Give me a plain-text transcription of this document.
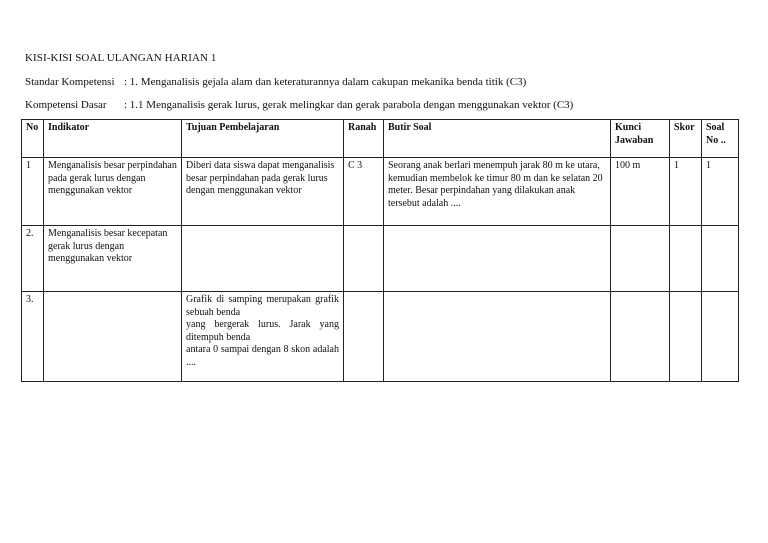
KISI-KISI SOAL ULANGAN HARIAN 1
Standar Kompetensi : 1. Menganalisis gejala alam dan keteraturannya dalam cakupan mekanika benda titik (C3)
Kompetensi Dasar : 1.1 Menganalisis gerak lurus, gerak melingkar dan gerak parabola dengan menggunakan vektor (C3)
No	Indikator	Tujuan Pembelajaran	Ranah	Butir Soal	Kunci Jawaban	Skor	Soal No ..
1	Menganalisis besar perpindahan pada gerak lurus dengan menggunakan vektor	Diberi data siswa dapat menganalisis besar perpindahan pada gerak lurus dengan menggunakan vektor	C 3	Seorang anak berlari menempuh jarak 80 m ke utara, kemudian membelok ke timur 80 m dan ke selatan 20 meter. Besar perpindahan yang dilakukan anak tersebut adalah ....	100 m	1	1
2.	Menganalisis besar kecepatan gerak lurus dengan menggunakan vektor						
3.		Grafik di samping merupakan grafik sebuah benda
yang bergerak lurus. Jarak yang ditempuh benda
antara 0 sampai dengan 8 skon adalah ....					
